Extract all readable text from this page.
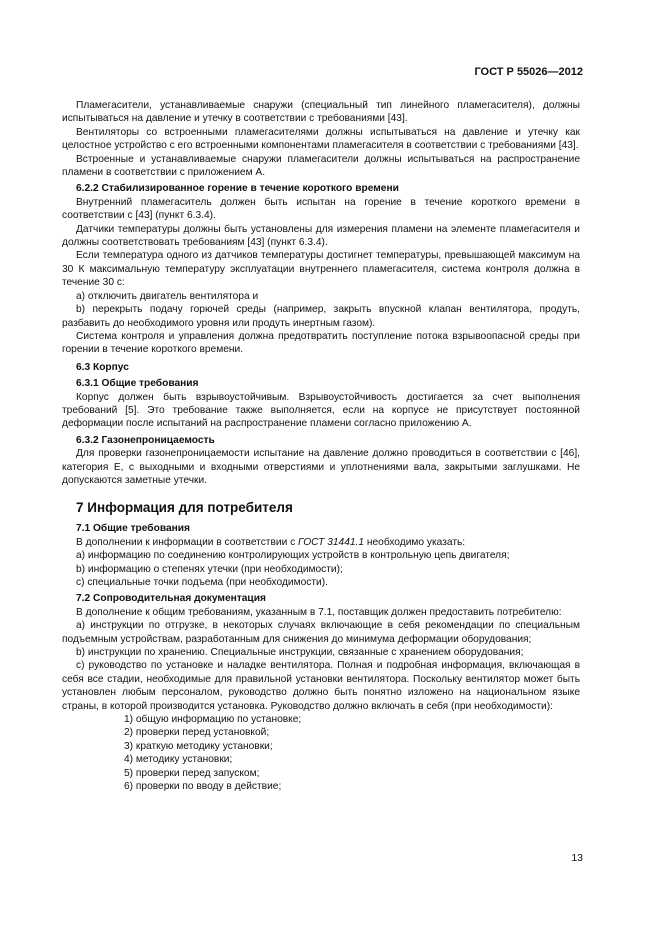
ГОСТ Р 55026—2012

Пламегасители, устанавливаемые снаружи (специальный тип линейного пламегасителя), должны испытываться на давление и утечку в соответствии с требованиями [43].

Вентиляторы со встроенными пламегасителями должны испытываться на давление и утечку как целостное устройство с его встроенными компонентами пламегасителя в соответствии с требованиями [43].

Встроенные и устанавливаемые снаружи пламегасители должны испытываться на распространение пламени в соответствии с приложением А.

6.2.2 Стабилизированное горение в течение короткого времени

Внутренний пламегаситель должен быть испытан на горение в течение короткого времени в соответствии с [43] (пункт 6.3.4).

Датчики температуры должны быть установлены для измерения пламени на элементе пламегасителя и должны соответствовать требованиям [43] (пункт 6.3.4).

Если температура одного из датчиков температуры достигнет температуры, превышающей максимум на 30 К максимальную температуру эксплуатации внутреннего пламегасителя, система контроля должна в течение 30 с:

а) отключить двигатель вентилятора и

b) перекрыть подачу горючей среды (например, закрыть впускной клапан вентилятора, продуть, разбавить до необходимого уровня или продуть инертным газом).

Система контроля и управления должна предотвратить поступление потока взрывоопасной среды при горении в течение короткого времени.

6.3 Корпус

6.3.1 Общие требования

Корпус должен быть взрывоустойчивым. Взрывоустойчивость достигается за счет выполнения требований [5]. Это требование также выполняется, если на корпусе не присутствует постоянной деформации после испытаний на распространение пламени согласно приложению А.

6.3.2 Газонепроницаемость

Для проверки газонепроницаемости испытание на давление должно проводиться в соответствии с [46], категория Е, с выходными и входными отверстиями и уплотнениями вала, закрытыми заглушками. Не допускаются заметные утечки.

7 Информация для потребителя

7.1 Общие требования

В дополнении к информации в соответствии с ГОСТ 31441.1 необходимо указать:

а) информацию по соединению контролирующих устройств в контрольную цепь двигателя;

b) информацию о степенях утечки (при необходимости);

c) специальные точки подъема (при необходимости).

7.2 Сопроводительная документация

В дополнение к общим требованиям, указанным в 7.1, поставщик должен предоставить потребителю:

а) инструкции по отгрузке, в некоторых случаях включающие в себя рекомендации по специальным подъемным устройствам, разработанным для снижения до минимума деформации оборудования;

b) инструкции по хранению. Специальные инструкции, связанные с хранением оборудования;

c) руководство по установке и наладке вентилятора. Полная и подробная информация, включающая в себя все стадии, необходимые для правильной установки вентилятора. Поскольку вентилятор может быть установлен любым персоналом, руководство должно быть понятно изложено на национальном языке страны, в которой производится установка. Руководство должно включать в себя (при необходимости):

1) общую информацию по установке;

2) проверки перед установкой;

3) краткую методику установки;

4) методику установки;

5) проверки перед запуском;

6) проверки по вводу в действие;

13
